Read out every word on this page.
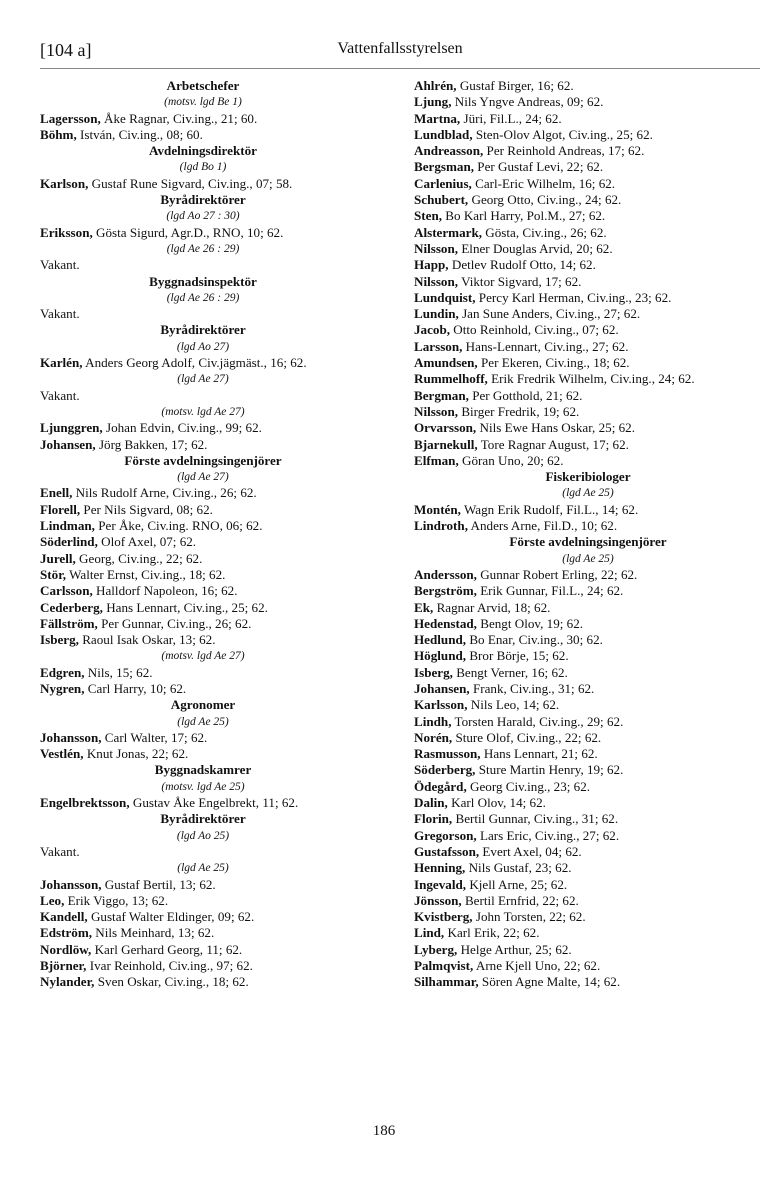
[104 a]	Vattenfallsstyrelsen
Arbetschefer
(motsv. lgd Be 1)
Lagersson, Åke Ragnar, Civ.ing., 21; 60.
Böhm, István, Civ.ing., 08; 60.
Avdelningsdirektör
(lgd Bo 1)
Karlson, Gustaf Rune Sigvard, Civ.ing., 07; 58.
Byrådirektörer
(lgd Ao 27 : 30)
Eriksson, Gösta Sigurd, Agr.D., RNO, 10; 62.
(lgd Ae 26 : 29)
Vakant.
Byggnadsinspektör
(lgd Ae 26 : 29)
Vakant.
Byrådirektörer
(lgd Ao 27)
Karlén, Anders Georg Adolf, Civ.jägmäst., 16; 62.
(lgd Ae 27)
Vakant.
(motsv. lgd Ae 27)
Ljunggren, Johan Edvin, Civ.ing., 99; 62.
Johansen, Jörg Bakken, 17; 62.
Förste avdelningsingenjörer
(lgd Ae 27)
Enell, Nils Rudolf Arne, Civ.ing., 26; 62.
Florell, Per Nils Sigvard, 08; 62.
Lindman, Per Åke, Civ.ing. RNO, 06; 62.
Söderlind, Olof Axel, 07; 62.
Jurell, Georg, Civ.ing., 22; 62.
Stör, Walter Ernst, Civ.ing., 18; 62.
Carlsson, Halldorf Napoleon, 16; 62.
Cederberg, Hans Lennart, Civ.ing., 25; 62.
Fällström, Per Gunnar, Civ.ing., 26; 62.
Isberg, Raoul Isak Oskar, 13; 62.
(motsv. lgd Ae 27)
Edgren, Nils, 15; 62.
Nygren, Carl Harry, 10; 62.
Agronomer
(lgd Ae 25)
Johansson, Carl Walter, 17; 62.
Vestlén, Knut Jonas, 22; 62.
Byggnadskamrer
(motsv. lgd Ae 25)
Engelbrektsson, Gustav Åke Engelbrekt, 11; 62.
Byrådirektörer
(lgd Ao 25)
Vakant.
(lgd Ae 25)
Johansson, Gustaf Bertil, 13; 62.
Leo, Erik Viggo, 13; 62.
Kandell, Gustaf Walter Eldinger, 09; 62.
Edström, Nils Meinhard, 13; 62.
Nordlöw, Karl Gerhard Georg, 11; 62.
Björner, Ivar Reinhold, Civ.ing., 97; 62.
Nylander, Sven Oskar, Civ.ing., 18; 62.
Ahlrén, Gustaf Birger, 16; 62.
Ljung, Nils Yngve Andreas, 09; 62.
Martna, Jüri, Fil.L., 24; 62.
Lundblad, Sten-Olov Algot, Civ.ing., 25; 62.
Andreasson, Per Reinhold Andreas, 17; 62.
Bergsman, Per Gustaf Levi, 22; 62.
Carlenius, Carl-Eric Wilhelm, 16; 62.
Schubert, Georg Otto, Civ.ing., 24; 62.
Sten, Bo Karl Harry, Pol.M., 27; 62.
Alstermark, Gösta, Civ.ing., 26; 62.
Nilsson, Elner Douglas Arvid, 20; 62.
Happ, Detlev Rudolf Otto, 14; 62.
Nilsson, Viktor Sigvard, 17; 62.
Lundquist, Percy Karl Herman, Civ.ing., 23; 62.
Lundin, Jan Sune Anders, Civ.ing., 27; 62.
Jacob, Otto Reinhold, Civ.ing., 07; 62.
Larsson, Hans-Lennart, Civ.ing., 27; 62.
Amundsen, Per Ekeren, Civ.ing., 18; 62.
Rummelhoff, Erik Fredrik Wilhelm, Civ.ing., 24; 62.
Bergman, Per Gotthold, 21; 62.
Nilsson, Birger Fredrik, 19; 62.
Orvarsson, Nils Ewe Hans Oskar, 25; 62.
Bjarnekull, Tore Ragnar August, 17; 62.
Elfman, Göran Uno, 20; 62.
Fiskeribiologer
(lgd Ae 25)
Montén, Wagn Erik Rudolf, Fil.L., 14; 62.
Lindroth, Anders Arne, Fil.D., 10; 62.
Förste avdelningsingenjörer
(lgd Ae 25)
Andersson, Gunnar Robert Erling, 22; 62.
Bergström, Erik Gunnar, Fil.L., 24; 62.
Ek, Ragnar Arvid, 18; 62.
Hedenstad, Bengt Olov, 19; 62.
Hedlund, Bo Enar, Civ.ing., 30; 62.
Höglund, Bror Börje, 15; 62.
Isberg, Bengt Verner, 16; 62.
Johansen, Frank, Civ.ing., 31; 62.
Karlsson, Nils Leo, 14; 62.
Lindh, Torsten Harald, Civ.ing., 29; 62.
Norén, Sture Olof, Civ.ing., 22; 62.
Rasmusson, Hans Lennart, 21; 62.
Söderberg, Sture Martin Henry, 19; 62.
Ödegård, Georg Civ.ing., 23; 62.
Dalin, Karl Olov, 14; 62.
Florin, Bertil Gunnar, Civ.ing., 31; 62.
Gregorson, Lars Eric, Civ.ing., 27; 62.
Gustafsson, Evert Axel, 04; 62.
Henning, Nils Gustaf, 23; 62.
Ingevald, Kjell Arne, 25; 62.
Jönsson, Bertil Ernfrid, 22; 62.
Kvistberg, John Torsten, 22; 62.
Lind, Karl Erik, 22; 62.
Lyberg, Helge Arthur, 25; 62.
Palmqvist, Arne Kjell Uno, 22; 62.
Silhammar, Sören Agne Malte, 14; 62.
186
